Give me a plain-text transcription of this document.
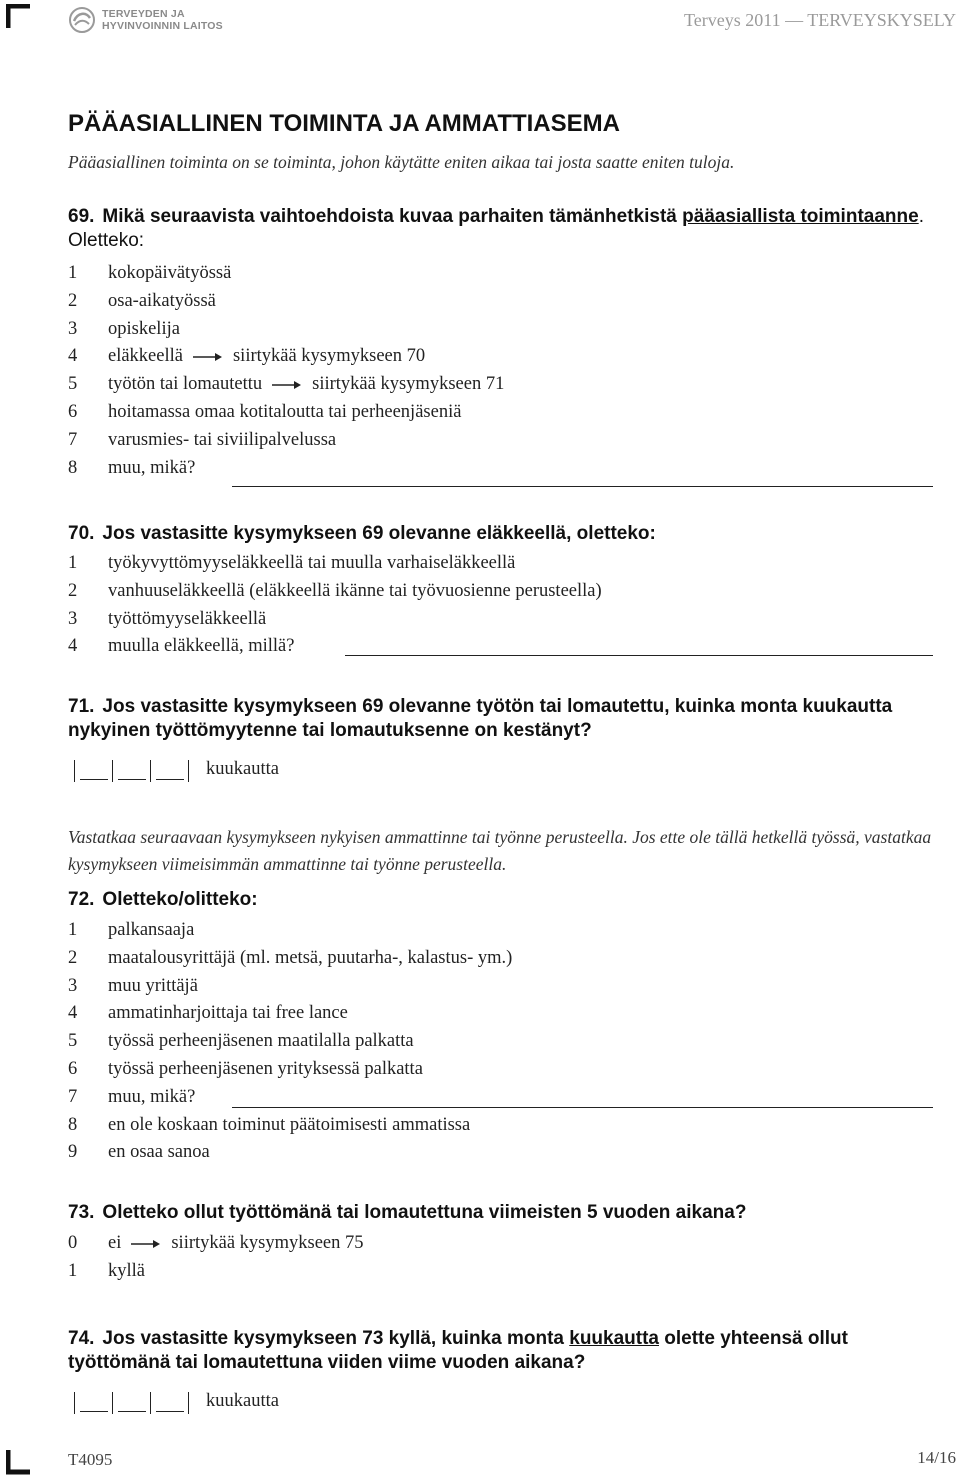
TERVEYDEN JA
HYVINVOINNIN LAITOS	Terveys 2011 — TERVEYSKYSELY
PÄÄASIALLINEN TOIMINTA JA AMMATTIASEMA
Pääasiallinen toiminta on se toiminta, johon käytätte eniten aikaa tai josta saatte eniten tuloja.
69. Mikä seuraavista vaihtoehdoista kuvaa parhaiten tämänhetkistä pääasiallista toimintaanne. Oletteko:
1 kokopäivätyössä
2 osa-aikatyössä
3 opiskelija
4 eläkkeellä	siirtykää kysymykseen 70
5 työtön tai lomautettu	siirtykää kysymykseen 71
6 hoitamassa omaa kotitaloutta tai perheenjäseniä
7 varusmies- tai siviilipalvelussa
8 muu, mikä?
70. Jos vastasitte kysymykseen 69 olevanne eläkkeellä, oletteko:
1 työkyvyttömyyseläkkeellä tai muulla varhaiseläkkeellä
2 vanhuuseläkkeellä (eläkkeellä ikänne tai työvuosienne perusteella)
3 työttömyyseläkkeellä
4 muulla eläkkeellä, millä?
71. Jos vastasitte kysymykseen 69 olevanne työtön tai lomautettu, kuinka monta kuukautta nykyinen työttömyytenne tai lomautuksenne on kestänyt?
kuukautta
Vastatkaa seuraavaan kysymykseen nykyisen ammattinne tai työnne perusteella. Jos ette ole tällä hetkellä työssä, vastatkaa kysymykseen viimeisimmän ammattinne tai työnne perusteella.
72. Oletteko/olitteko:
1 palkansaaja
2 maatalousyrittäjä (ml. metsä, puutarha-, kalastus- ym.)
3 muu yrittäjä
4 ammatinharjoittaja tai free lance
5 työssä perheenjäsenen maatilalla palkatta
6 työssä perheenjäsenen yrityksessä palkatta
7 muu, mikä?
8 en ole koskaan toiminut päätoimisesti ammatissa
9 en osaa sanoa
73. Oletteko ollut työttömänä tai lomautettuna viimeisten 5 vuoden aikana?
0 ei	siirtykää kysymykseen 75
1 kyllä
74. Jos vastasitte kysymykseen 73 kyllä, kuinka monta kuukautta olette yhteensä ollut työttömänä tai lomautettuna viiden viime vuoden aikana?
kuukautta
T4095	14/16
